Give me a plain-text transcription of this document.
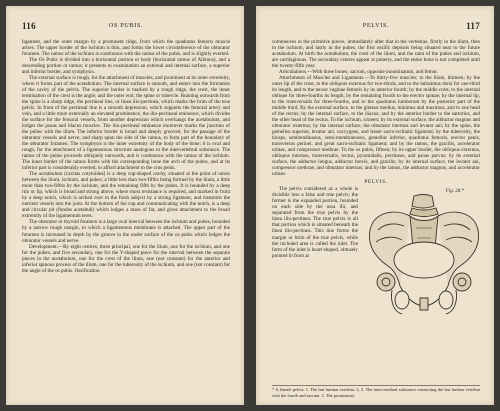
116	OS PUBIS.

ligament, and the outer margin by a prominent ridge, from which the quadratus femoris muscle arises. The upper border of the ischium is thin, and forms the lower circumference of the obturator foramen. The ramus of the ischium is continuous with the ramus of the pubis, and is slightly everted.

The Os Pubis is divided into a horizontal portion or body (horizontal ramus of Albinus), and a descending portion or ramus; it presents to examination an external and internal surface, a superior and inferior border, and symphysis.

The external surface is rough, for the attachment of muscles; and prominent at its outer extremity, where it forms part of the acetabulum. The internal surface is smooth, and enters into the formation of the cavity of the pelvis. The superior border is marked by a rough ridge, the crest, the inner termination of the crest is the angle; and the outer end, the spine or tubercle. Running outwards from the spine is a sharp ridge, the pectineal line, or linea ilio-pectinea, which marks the brim of the true pelvis. In front of the pectineal line is a smooth depression, which supports the femoral artery and vein, and a little more externally an elevated prominence, the ilio-pectineal eminence, which divides the surface for the femoral vessels, from another depression which overhangs the acetabulum, and lodges the psoas and iliacus muscles. The ilio-pectineal eminence moreover marks the junction of the pubes with the ilium. The inferior border is broad and deeply grooved, for the passage of the obturator vessels and nerve; and sharp upon the side of the ramus, to form part of the boundary of the obturator foramen. The symphysis is the inner extremity of the body of the bone; it is oval and rough, for the attachment of a ligamentous structure analogous to the intervertebral substance. The ramus of the pubes proceeds obliquely outwards, and is continuous with the ramus of the ischium. The inner border of the ramus forms with the corresponding bone the arch of the pubes, and at its inferior part is considerably everted, to afford attachment to the crus penis.

The acetabulum (cavitas cotyloidea) is a deep cup-shaped cavity, situated at the point of union between the ilium, ischium, and pubes; a little less than two-fifths being formed by the ilium, a little more than two-fifths by the ischium, and the remaining fifth by the pubes. It is bounded by a deep rim or lip, which is broad and strong above, where most resistance is required, and marked in front by a deep notch, which is arched over in the fresh subject by a strong ligament, and transmits the nutrient vessels into the joint. At the bottom of the cup and communicating with the notch, is a deep and circular pit (fundus acetabuli) which lodges a mass of fat, and gives attachment to the broad extremity of the ligamentum teres.

The obturator or thyroid foramen is a large oval interval between the ischium and pubes, bounded by a narrow rough margin, to which a ligamentous membrane is attached. The upper part of the foramen is increased in depth by the groove in the under surface of the os pubis which lodges the obturator vessels and nerve.

Development.—By eight centres; three principal, one for the ilium, one for the ischium, and one for the pubes; and five secondary, one for the Y-shaped piece for the interval between the separate pieces in the acetabulum, one for the crest of the ilium, one (not constant) for the anterior and inferior spinous process of the ilium, one for the tuberosity of the ischium, and one (not constant) for the angle of the os pubis. Ossification

PELVIS.	117

commences in the primitive pieces, immediately after that in the vertebrae, firstly in the ilium, then in the ischium, and lastly in the pubes; the first ossific deposits being situated near to the future acetabulum. At birth the acetabulum, the crest of the ilium, and the rami of the pubes and ischium, are cartilaginous. The secondary centres appear at puberty, and the entire bone is not completed until the twenty-fifth year.

Articulations.—With three bones; sacrum, opposite innominatum, and femur.

Attachments of Muscles and Ligaments.—To thirty-five muscles; to the ilium, thirteen; by the outer lip of the crest, to the obliquus externus for two-thirds, and to the latissimus dorsi for one-third its length, and to the tensor vaginae femoris by its anterior fourth; by the middle crest, to the internal oblique for three-fourths its length, by the remaining fourth to the erector spinae; by the internal lip, to the transversalis for three-fourths, and to the quadratus lumborum by the posterior part of the middle third. By the external surface, to the gluteus medius, minimus and maximus, and to one head of the rectus; by the internal surface, to the iliacus; and by the anterior border to the sartorius, and the other head of the rectus. To the ischium, sixteen; by its external surface, the adductor magnus and obturator externus; by the internal surface, the obturator internus and levator ani; by the spine, the gemellus superior, levator ani, coccygeus, and lesser sacro-ischiatic ligament; by the tuberosity, the biceps, semitendinosus, semi-membranosus, gemellus inferior, quadratus femoris, erector penis, transversus perinei, and great sacro-ischiatic ligament; and by the ramus, the gracilis, accelerator urinae, and compressor urethrae. To the os pubis, fifteen; by its upper border, the obliquus externus, obliquus internus, transversalis, rectus, pyramidalis, pectineus, and psoas parvus; by its external surface, the adductor longus, adductor brevis, and gracilis; by its internal surface, the levator ani, compressor urethrae, and obturator internus; and by the ramus, the adductor magnus, and accelerator urinae.

PELVIS.

The pelvis considered as a whole is divisible into a false and true pelvis; the former is the expanded portion, bounded on each side by the ossa ilii, and separated from the true pelvis by the linea ilio-pectinea. The true pelvis is all that portion which is situated beneath the linea ilio-pectinea. This line forms the margin or brim of the true pelvis, while the included area is called the inlet. The form of the inlet is heart-shaped, obtusely pointed in front at

Fig. 28.*
* A female pelvis. 1. The last lumbar vertebra. 2, 3. The intervertebral substance connecting the last lumbar vertebra with the fourth and sacrum. 2. The promontory
